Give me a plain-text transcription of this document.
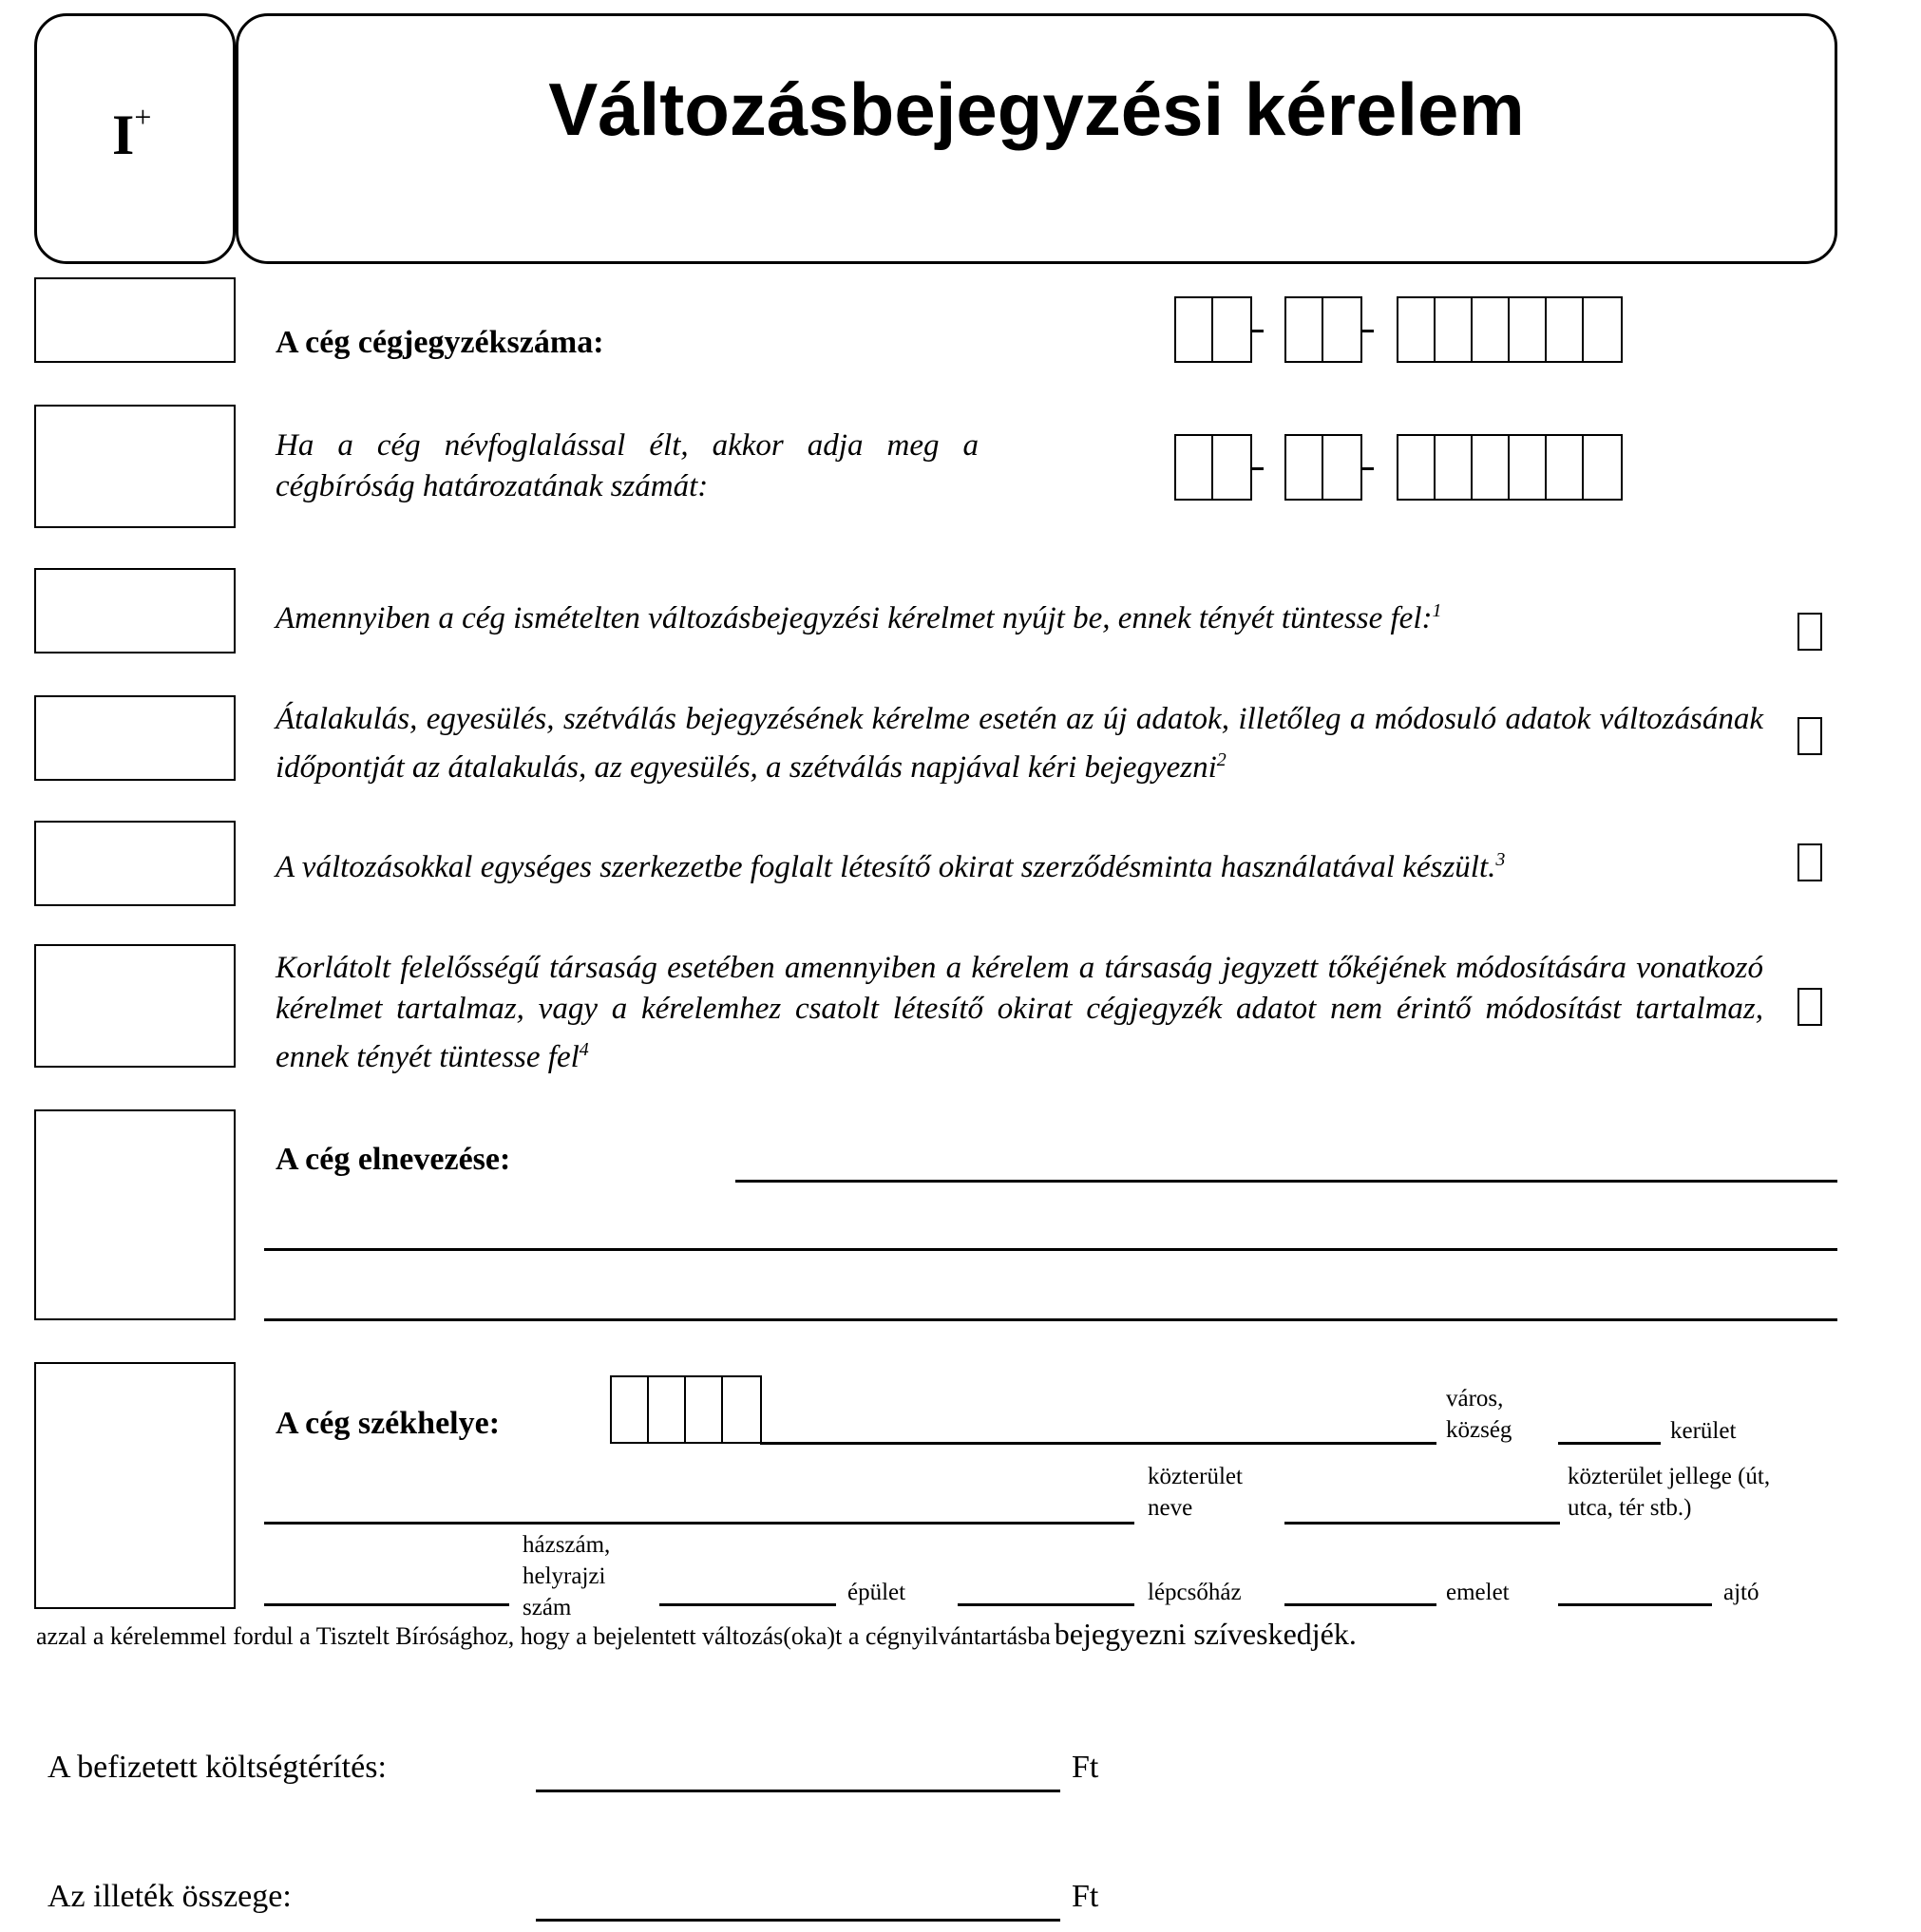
I+	Változásbejegyzési kérelem
A cég cégjegyzékszáma:
Ha a cég névfoglalással élt, akkor adja meg a cégbíróság határozatának számát:
Amennyiben a cég ismételten változásbejegyzési kérelmet nyújt be, ennek tényét tüntesse fel:$^1$
Átalakulás, egyesülés, szétválás bejegyzésének kérelme esetén az új adatok, illetőleg a módosuló adatok változásának időpontját az átalakulás, az egyesülés, a szétválás napjával kéri bejegyezni$^2$
A változásokkal egységes szerkezetbe foglalt létesítő okirat szerződésminta használatával készült.$^3$
Korlátolt felelősségű társaság esetében amennyiben a kérelem a társaság jegyzett tőkéjének módosítására vonatkozó kérelmet tartalmaz, vagy a kérelemhez csatolt létesítő okirat cégjegyzék adatot nem érintő módosítást tartalmaz, ennek tényét tüntesse fel$^4$
A cég elnevezése:
A cég székhelye:
város, község	kerület
közterület neve
közterület jellege (út, utca, tér stb.)
házszám, helyrajzi szám
épület	lépcsőház	emelet	ajtó
azzal a kérelemmel fordul a Tisztelt Bírósághoz, hogy a bejelentett változás(oka)t a cégnyilvántartásba bejegyezni szíveskedjék.
A befizetett költségtérítés:	Ft
Az illeték összege:	Ft
